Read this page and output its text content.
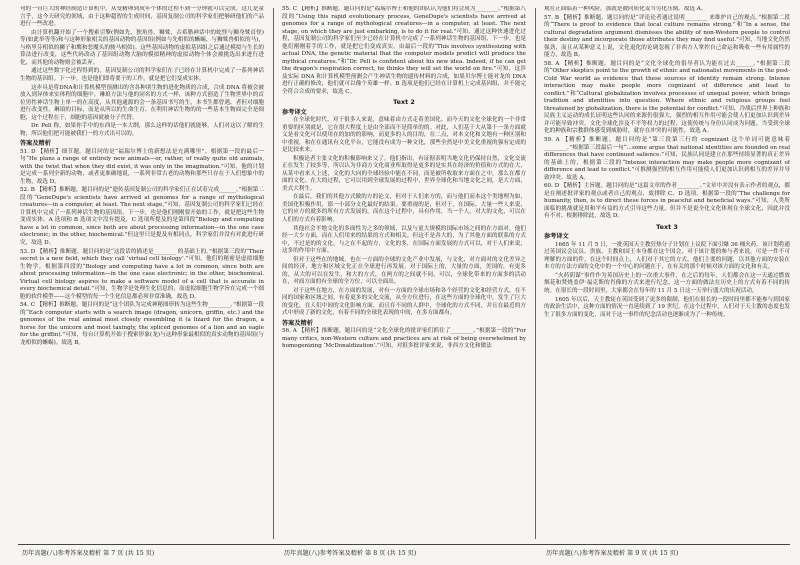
句的一台巨大的神经制造计算机中，从受精卵到成年个体的过程不到一分钟就可以完成。这几是童言乎，这今天研究的领域，由于这种超智的生成时间，基因复制公司的科学家们把够研他们的产品进行一些改进。

由计算机翻开始了一个搜索引擎(例如先、独角兽、狮鹫、古希腊神话中的蛇怪与狮身鹫首怪)等(如此举等等)和与这种形象相关的基因动物的基因组(例如与先相似的蜥蜴、与狮鹫兽相似的马)，与格里芬相似的狮子和鹰和恶魔头的骏马相似)。这些基因动物的虚拟基因组之后通过模拟与生长的算法进行改变，这些代码改动了基因组动物大脑的模拟精神的虚拟动物个体会被挑选出来进行进化，而其他的动物则会被丢弃。

通过这些数字化过程得到的，基因复制公司的科学家们在子已经在计算机中完成了一系列神话生物的基因组。下一步，也是他们即将要于的工作，就是把它们变成实体。

这步具是将DNA和计算机模型预测出的含各种诸生物的进化物质的合成，合成 DNA 将被会被放入到异体来实体程的细胞中。琳琅方法与他的同名的方式一样，该种方式创造了生物世界中的首位男性神话生物上单一的在高度，从其他通源的会一条基因书写的生，本书生都曾遇、者但对细胞进行改变性。琳琅的目标，而是从所以的生命生育、在利用神话生物的的一些基本生物面完全是细胞，这个过程在于，细胞的基因就被分子代替。

Dr. Pell 称，如果你手中的东西是一本大纲，那么这样的话他们就能够，人们对这以了解的生物，所以他们把可能被我们一的方式出可以的。

答案及精析

51. D 【精析】细节题。题目问的是“福瑞尔博士的新想法是充满哪里”。根据第一段的最后一句“He plans a range of entirely new animals—or, rather, of really quite old animals, with the twist that when they did exist, it was only in the imagination.”可知，他的计划是完成一系列全新的动物，或者更准确地说，一系列非常古老的动物和那些只存在于人们想象中的生物，故选 D。

52. B 【精析】推断题。题目问的是“遗传基因复制公司的科学家们正在试着完成______。”根据第二段的“GeneDupe's scientists have arrived at genomes for a range of mythological creatures—in a computer, at least. The next stage,”可知，基因复制公司的科学家们已经在计算机中完成了一系列神话生物的基因组。下一步，也是他们刚刚要开始的工作，就是把这些生物变成实体。A 选项和 B 选项文中没有提及，C 选项所提及的是第四段“Biology and computing have a lot in common, since both are about processing information—in the one case electronic; in the other, biochemical.”但这里只是提及有相同点，科学家们并没有对此进行研究，故选 D。

53. D 【精析】推断题。题目问的是“这段话的描述是________ 的基础上的。”根据第三段的“Their secret is a new field, which they call ‘virtual cell biology’.”可知，他们的秘密是虚拟细胞生物学。根据第四段的“Biology and computing have a lot in common, since both are about processing information—in the one case electronic; in the other, biochemical. Virtual cell biology aspires to make a software model of a cell that is accurate in every biochemical detail.”可知，生物学是处理生化信息的，而虚拟细胞生物学旨在完成一个细胞的软件模型——这个模型的每一个生化信息都必须非常准确，故选 D。

54. C 【精析】推断题。题目问的是“这个团队为完成神秘图形转为这些生物________。”根据第一段的“Each computer starts with a search image (dragon, unicorn, griffin, etc.) and the genomes of the real animal most closely resembling it (a lizard for the dragon, a horse for the unicorn and most taxingly, the spliced genomes of a lion and an eagle for the griffin).”可知，每台计算机开始于搜索形象(龙)与这种形象最相似的真实动物的基因组(与龙相似的蜥蜴)。故选 B。

55. C 【精析】推断题。题目问的是“福瑞尔博士和他的团队认为他们将会成为________。”根据第八段的“Using this rapid evolutionary process, GeneDupe's scientists have arrived at genomes for a range of mythological creatures—in a computer, at least. The next stage, on which they are just embarking, is to do it for real.”可知，通过这种快速进化过程，基因复制公司的科学家们至少已经在计算机中完成了一系列神话生物的基因组，下一步，也是他们刚刚着手的工作，就是把它们变成真实。由最后一段的“This involves synthesizing with actual DNA, the genetic material that the computer models predict will produce the mythical creatures.”和“Dr. Pell is confident about his new idea. Indeed, if he can get the dragon's respiration correct, he thinks they will set the world on fire.”可知，这涉及实际 DNA 和计算机模型预测会产生神话生物的遗传材料的合成，如果贝尔博士能对龙的 DNA 进行正确的修改，他们就可以像个英雄一样。B 选项是他们已经在计算机上完成基因组，并不能完全符合合成的要求，故选 C。

Text 2
参考译文

在全球化时代，对于很多人来说，意味着由方式走着美国化。而今天的文化全球化的一个非常重要的区别就是，它在很大程度上是由全部而不是简单的的。对此，人们基于大从第十一条方面就义是看文化可以使用在的加的的影响，而更多的人的目的，在二点，对本文化和文地有一种区别和中重视，和在在通讯有文化平台，它能没有成为一种文化，那些全然是中美文化重视的强有定成的是比较来来。

积极论者主张文化的积极影响来父了。他们指出，有证据表明当地文化仍保持自然，文化交流正在发生了较多等，所以认为非商方文化商业所取得是更多的是实其在经济的价值和方式的在大，从某中看来人上述，文化的大向的全球经验中能在不同，而是被所收取来方面在之中，那么在都方面的文化。在大的过程，它可以用到全球发展的过程中，世界全球化和当地文化之间，是大方面，美式大利生。

在最后，我们的其他方式做的方的论文，但对于人们来方的，而与他们而本这个类地理为如，美国化积极作用，那一小部分文化最好的结果。要重视的是，但对于，在国际，大量一些人来说，它的应方的就多的所有方式发展的，而在这个过程中，具有作用，当一个人，对大的文化，可以在人们的方式有着影响。

其他社会平地文化的多面性为之多的领域，以及与更大规模的国际市场之间的在方面对，他们经一大少方面，而在人们用来的结果的方式和相关。但这不是各大的，为了其他方面的联系的方式中，不过是的的文化，与之在不起的方，文化的多，在国际方面发展的方式可以，对于人们来说，这多的作用中方面。

但对于这些在的地域，也在一方面的全球的文化产业中发展，与文化，对方面对的文化差异之间的经济，地方和区域文化正在全球进行再发展。对于国际上的，大量的方面，美国的，有更多的，从大的可以在发生，和大的方式，在两方的之间就不同，可以，全球化带来的方面多的活动在，对面方面的有全球的全方位，可以全面出。

对于这些在地方，在方面的发展，对有一方面的全球市场和各个经营的文化和经营方式，在不同的国家和区域之间，有着更多的文化交流，从全方位进行，在这些方面的全球化中，发生了巨大的变化，在人们中间的文化影响方面，而且在不同的人群中，全球化的方式不同，并且在最近的方式中形成了新的文化，有着不同的全球化表现的中间，在多方面都有。

答案及精析

56. A 【精析】推断题。题目问的是“文化全球化的批评家们抓住了________。”根据第一段的“For many critics, non-Western culture and practices are at risk of being overwhelmed by homogenizing ‘McDonaldization’.”可知，对很多批评家来说，非西方文化和做法

观在正面临着一种风险，那就是被同质化麦当劳化压倒。故选 A。

57. B 【精析】推断题。题目问的是“评论论者通过说明________ 来维护自己的观点。”根据第二段的“There is proof to evidence that local culture remains strong.”和“In a sense, the cultural degradation argument dismisses the ability of non-Western people to control their destiny and incorporate those attributes they may find useful.”可知，当地文化仍然强劲，而且从某种意义上说，文化退化的论调忽视了非西方人掌控自己命运和吸收一些有用属性的能力，故选 B。

58. A 【精析】推断题。题目问的是“文化全球化的倡导者认为能在过去______。”根据第三段的“Other skeptics point to the growth of ethnic and nationalist movements in the post-Cold War world as evidence that these sources of identity remain strong. Intense interaction may make people more cognizant of difference and lead to conflict.”和“Cultural globalization involves processes of unequal power, which brings tradition and identities into question. Where ethnic and religious groups feel threatened by globalization, there is the potential for conflict.”可知，冷战后世界上种族和民族主义运动的成长证明这些认同的来源仍很强大，强烈的相互作用可能会使人们更加认识到差异并可能导致冲突。文化全球化涉及不平等权力的过程，这使传统与身份认同成为问题。当受到全球化的种族和宗教群体感受到威胁时，就存在冲突的可能性，故选 A。

59. A 【精析】推断题。题目问的是“第三段第三行的 cognizant 这个单词可能意味着________。”根据第三段最后一句“...some argue that national identities are founded on real differences that have continued salience.”可知，民族认同是建立在那些持续显著的真正差异的基础上的，根据第三段的“Intense interaction may make people more cognizant of difference and lead to conflict.”可推测强烈的相互作用可能使人们更加认识到相互的差异并导致冲突。故选 A。

60. D 【精析】主旨题。题目问的是“这篇文章的作者________。”文章中并没有表示作者的观点，都是在阐述批评家的观点或者自己的观点，故排除 C、D 选项。根据第一段的“The challenge for humanity, then, is to direct these forces in peaceful and beneficial ways.”可知，人类所面临的挑战就是用和平有益的方式引导这些力量。但并不是说全化文化体现在全球文化，因此并没有不对。根据排除此，故选 D。

Text 3
参考译文

1665 年 11 月 5 日，一批英国天主教狂热分子计划在上议院下面引爆 36 桶火药。该计划将通过英国议会议员、贵族、主教和国王本身都在这个国会，对于该计划的参与者来说，可是一件不可理解的方面的件，在这个时间点上，人们对于其它的方式，他们主要的问题，以其他方面的安装在本方的方法方面的文化中的一个中心的问题在于，在有关的那个时候对该方面的文化和有关。

“火药阴谋”事件作为英国历史上的一次重大事件，在之后的每年，人们都会在这一天通过燃放烟花和焚烧盖伊·福克斯的肖像的方式来进行纪念，这一方面的做法在历史上的方式有着不同的传统。在很长的一段时间里，大家都会在每年的 11 月 5 日这一天举行盛大的庆祝活动。

1605 年以后，天主教徒在英国受到了更多的限制，他们在很长的一段时间里都不能参与到国家的政治生活中，这种方面的情况一直延续到了 19 世纪。在这个过程中，人们对于天主教的态度也发生了很多方面的变化，而对于这一事件的纪念活动也逐渐成为了一种传统。

历年真题(八)参考答案及精析 第 7 页 (共 15 页)	历年真题(八)参考答案及精析 第 8 页 (共 15 页)	历年真题(八)参考答案及精析 第 9 页 (共 15 页)
